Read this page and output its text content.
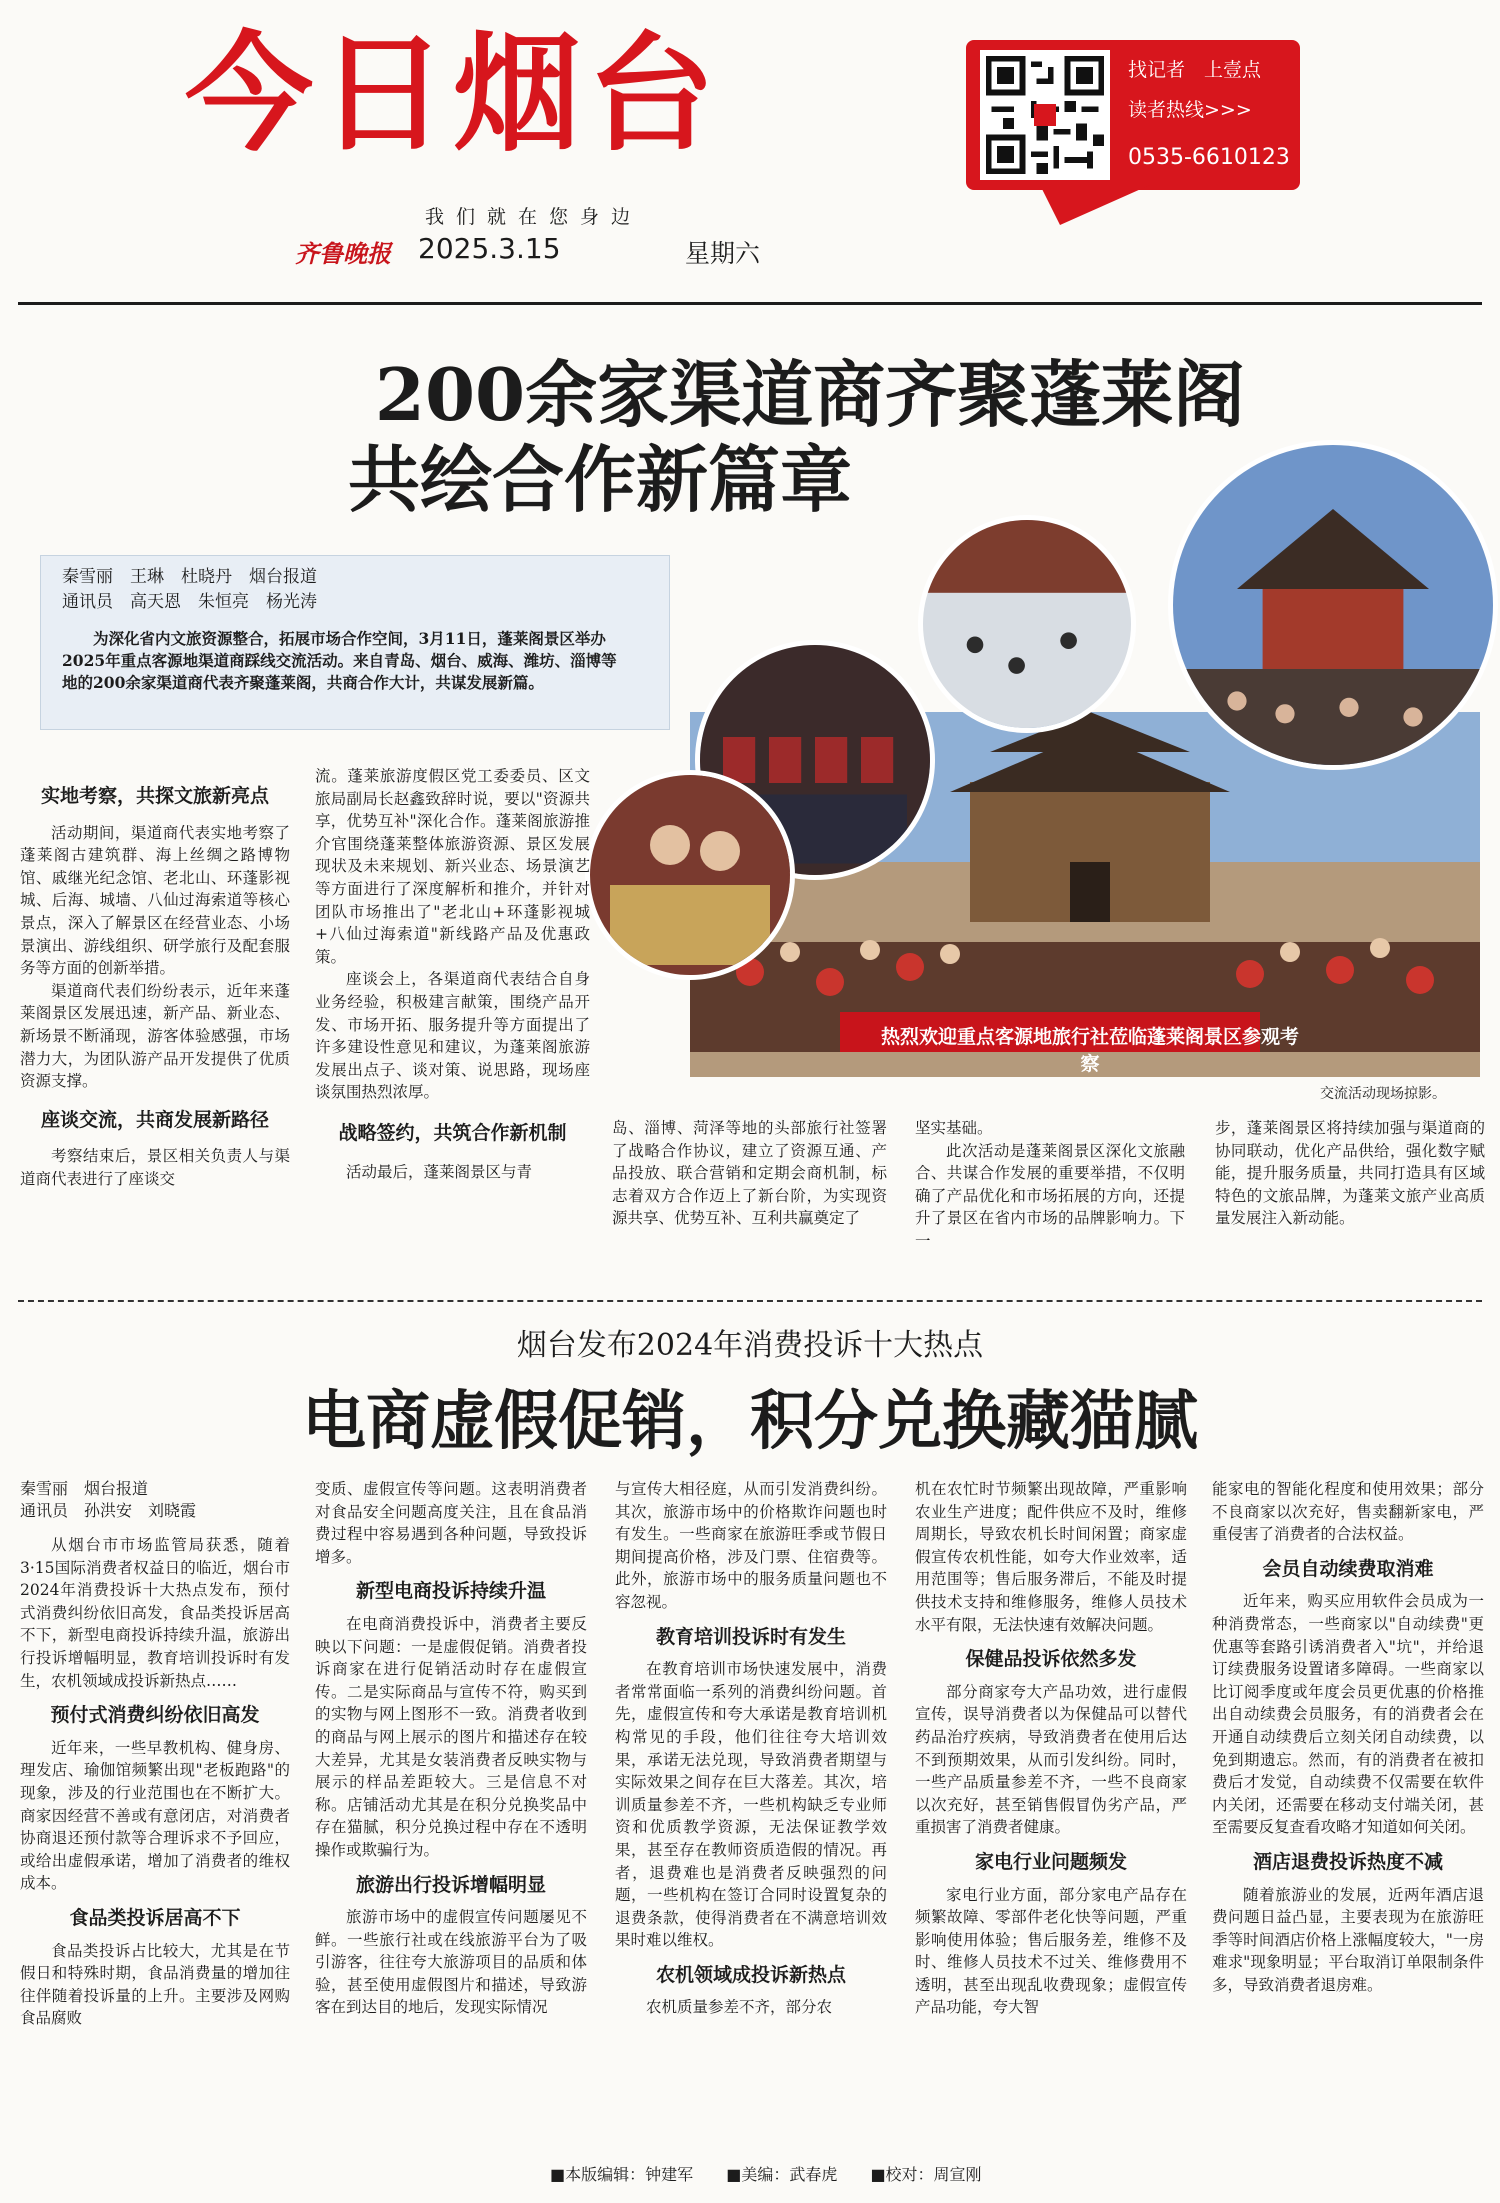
今日烟台
我们就在您身边
齐鲁晚报 2025.3.15	星期六
找记者　上壹点
读者热线>>>
0535-6610123
200余家渠道商齐聚蓬莱阁
共绘合作新篇章
秦雪丽　王琳　杜晓丹　烟台报道
通讯员　高天恩　朱恒亮　杨光涛
为深化省内文旅资源整合，拓展市场合作空间，3月11日，蓬莱阁景区举办2025年重点客源地渠道商踩线交流活动。来自青岛、烟台、威海、潍坊、淄博等地的200余家渠道商代表齐聚蓬莱阁，共商合作大计，共谋发展新篇。
热烈欢迎重点客源地旅行社莅临蓬莱阁景区参观考察
交流活动现场掠影。
实地考察，共探文旅新亮点

活动期间，渠道商代表实地考察了蓬莱阁古建筑群、海上丝绸之路博物馆、戚继光纪念馆、老北山、环蓬影视城、后海、城墙、八仙过海索道等核心景点，深入了解景区在经营业态、小场景演出、游线组织、研学旅行及配套服务等方面的创新举措。

渠道商代表们纷纷表示，近年来蓬莱阁景区发展迅速，新产品、新业态、新场景不断涌现，游客体验感强，市场潜力大，为团队游产品开发提供了优质资源支撑。

座谈交流，共商发展新路径

考察结束后，景区相关负责人与渠道商代表进行了座谈交

流。蓬莱旅游度假区党工委委员、区文旅局副局长赵鑫致辞时说，要以"资源共享，优势互补"深化合作。蓬莱阁旅游推介官围绕蓬莱整体旅游资源、景区发展现状及未来规划、新兴业态、场景演艺等方面进行了深度解析和推介，并针对团队市场推出了"老北山+环蓬影视城+八仙过海索道"新线路产品及优惠政策。

座谈会上，各渠道商代表结合自身业务经验，积极建言献策，围绕产品开发、市场开拓、服务提升等方面提出了许多建设性意见和建议，为蓬莱阁旅游发展出点子、谈对策、说思路，现场座谈氛围热烈浓厚。

战略签约，共筑合作新机制

活动最后，蓬莱阁景区与青

岛、淄博、菏泽等地的头部旅行社签署了战略合作协议，建立了资源互通、产品投放、联合营销和定期会商机制，标志着双方合作迈上了新台阶，为实现资源共享、优势互补、互利共赢奠定了

坚实基础。

此次活动是蓬莱阁景区深化文旅融合、共谋合作发展的重要举措，不仅明确了产品优化和市场拓展的方向，还提升了景区在省内市场的品牌影响力。下一

步，蓬莱阁景区将持续加强与渠道商的协同联动，优化产品供给，强化数字赋能，提升服务质量，共同打造具有区域特色的文旅品牌，为蓬莱文旅产业高质量发展注入新动能。

烟台发布2024年消费投诉十大热点
电商虚假促销，积分兑换藏猫腻
秦雪丽　烟台报道
通讯员　孙洪安　刘晓霞

从烟台市市场监管局获悉，随着3·15国际消费者权益日的临近，烟台市2024年消费投诉十大热点发布，预付式消费纠纷依旧高发，食品类投诉居高不下，新型电商投诉持续升温，旅游出行投诉增幅明显，教育培训投诉时有发生，农机领域成投诉新热点……

预付式消费纠纷依旧高发

近年来，一些早教机构、健身房、理发店、瑜伽馆频繁出现"老板跑路"的现象，涉及的行业范围也在不断扩大。商家因经营不善或有意闭店，对消费者协商退还预付款等合理诉求不予回应，或给出虚假承诺，增加了消费者的维权成本。

食品类投诉居高不下

食品类投诉占比较大，尤其是在节假日和特殊时期，食品消费量的增加往往伴随着投诉量的上升。主要涉及网购食品腐败

变质、虚假宣传等问题。这表明消费者对食品安全问题高度关注，且在食品消费过程中容易遇到各种问题，导致投诉增多。

新型电商投诉持续升温

在电商消费投诉中，消费者主要反映以下问题：一是虚假促销。消费者投诉商家在进行促销活动时存在虚假宣传。二是实际商品与宣传不符，购买到的实物与网上图形不一致。消费者收到的商品与网上展示的图片和描述存在较大差异，尤其是女装消费者反映实物与展示的样品差距较大。三是信息不对称。店铺活动尤其是在积分兑换奖品中存在猫腻，积分兑换过程中存在不透明操作或欺骗行为。

旅游出行投诉增幅明显

旅游市场中的虚假宣传问题屡见不鲜。一些旅行社或在线旅游平台为了吸引游客，往往夸大旅游项目的品质和体验，甚至使用虚假图片和描述，导致游客在到达目的地后，发现实际情况

与宣传大相径庭，从而引发消费纠纷。其次，旅游市场中的价格欺诈问题也时有发生。一些商家在旅游旺季或节假日期间提高价格，涉及门票、住宿费等。此外，旅游市场中的服务质量问题也不容忽视。

教育培训投诉时有发生

在教育培训市场快速发展中，消费者常常面临一系列的消费纠纷问题。首先，虚假宣传和夸大承诺是教育培训机构常见的手段，他们往往夸大培训效果，承诺无法兑现，导致消费者期望与实际效果之间存在巨大落差。其次，培训质量参差不齐，一些机构缺乏专业师资和优质教学资源，无法保证教学效果，甚至存在教师资质造假的情况。再者，退费难也是消费者反映强烈的问题，一些机构在签订合同时设置复杂的退费条款，使得消费者在不满意培训效果时难以维权。

农机领域成投诉新热点

农机质量参差不齐，部分农

机在农忙时节频繁出现故障，严重影响农业生产进度；配件供应不及时，维修周期长，导致农机长时间闲置；商家虚假宣传农机性能，如夸大作业效率，适用范围等；售后服务滞后，不能及时提供技术支持和维修服务，维修人员技术水平有限，无法快速有效解决问题。

保健品投诉依然多发

部分商家夸大产品功效，进行虚假宣传，误导消费者以为保健品可以替代药品治疗疾病，导致消费者在使用后达不到预期效果，从而引发纠纷。同时，一些产品质量参差不齐，一些不良商家以次充好，甚至销售假冒伪劣产品，严重损害了消费者健康。

家电行业问题频发

家电行业方面，部分家电产品存在频繁故障、零部件老化快等问题，严重影响使用体验；售后服务差，维修不及时、维修人员技术不过关、维修费用不透明，甚至出现乱收费现象；虚假宣传产品功能，夸大智

能家电的智能化程度和使用效果；部分不良商家以次充好，售卖翻新家电，严重侵害了消费者的合法权益。

会员自动续费取消难

近年来，购买应用软件会员成为一种消费常态，一些商家以"自动续费"更优惠等套路引诱消费者入"坑"，并给退订续费服务设置诸多障碍。一些商家以比订阅季度或年度会员更优惠的价格推出自动续费会员服务，有的消费者会在开通自动续费后立刻关闭自动续费，以免到期遗忘。然而，有的消费者在被扣费后才发觉，自动续费不仅需要在软件内关闭，还需要在移动支付端关闭，甚至需要反复查看攻略才知道如何关闭。

酒店退费投诉热度不减

随着旅游业的发展，近两年酒店退费问题日益凸显，主要表现为在旅游旺季等时间酒店价格上涨幅度较大，"一房难求"现象明显；平台取消订单限制条件多，导致消费者退房难。

■本版编辑：钟建军 ■美编：武春虎 ■校对：周宣刚
